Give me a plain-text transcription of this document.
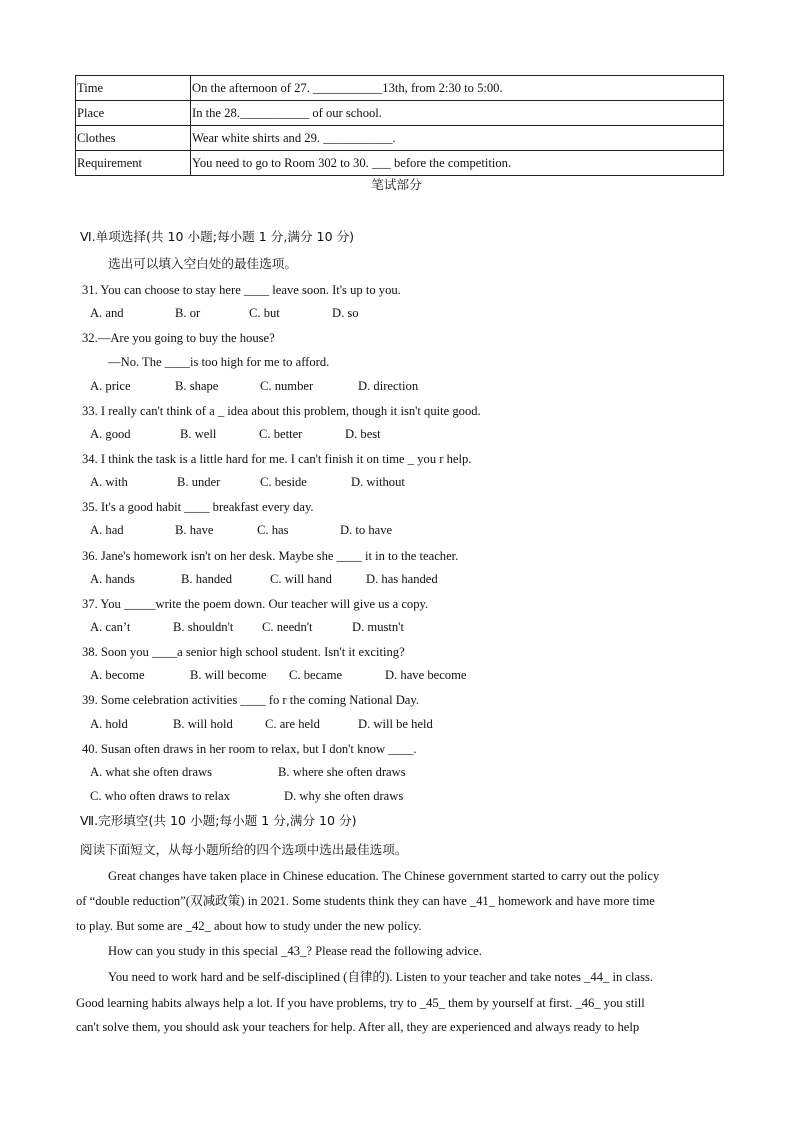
Time	On the afternoon of 27. ___________13th, from 2:30 to 5:00.
Place	In the 28.___________ of our school.
Clothes	Wear white shirts and 29. ___________.
Requirement	You need to go to Room 302 to 30. ___ before the competition.
笔试部分
Ⅵ.单项选择(共 10 小题;每小题 1 分,满分 10 分)
选出可以填入空白处的最佳选项。
31. You can choose to stay here ____ leave soon. It's up to you.
A. and	B. or	C. but	D. so
32.—Are you going to buy the house?
—No. The ____is too high for me to afford.
A. price	B. shape	C. number	D. direction
33. I really can't think of a _ idea about this problem, though it isn't quite good.
A. good	B. well	C. better	D. best
34. I think the task is a little hard for me. I can't finish it on time _ you r help.
A. with	B. under	C. beside	D. without
35. It's a good habit ____ breakfast every day.
A. had	B. have	C. has	D. to have
36. Jane's homework isn't on her desk. Maybe she ____ it in to the teacher.
A. hands	B. handed	C. will hand	D. has handed
37. You _____write the poem down. Our teacher will give us a copy.
A. can’t	B. shouldn't C. needn't	D. mustn't
38. Soon you ____a senior high school student. Isn't it exciting?
A. become	B. will become C. became	D. have become
39. Some celebration activities ____ fo r the coming National Day.
A. hold	B. will hold	C. are held	D. will be held
40. Susan often draws in her room to relax, but I don't know ____.
A. what she often draws	B. where she often draws
C. who often draws to relax	D. why she often draws
Ⅶ.完形填空(共 10 小题;每小题 1 分,满分 10 分)
阅读下面短文，从每小题所给的四个选项中选出最佳选项。
Great changes have taken place in Chinese education. The Chinese government started to carry out the policy
of “double reduction”(双减政策) in 2021. Some students think they can have _41_ homework and have more time
to play. But some are _42_ about how to study under the new policy.
How can you study in this special _43_? Please read the following advice.
You need to work hard and be self-disciplined (自律的). Listen to your teacher and take notes _44_ in class.
Good learning habits always help a lot. If you have problems, try to _45_ them by yourself at first. _46_ you still
can't solve them, you should ask your teachers for help. After all, they are experienced and always ready to help
